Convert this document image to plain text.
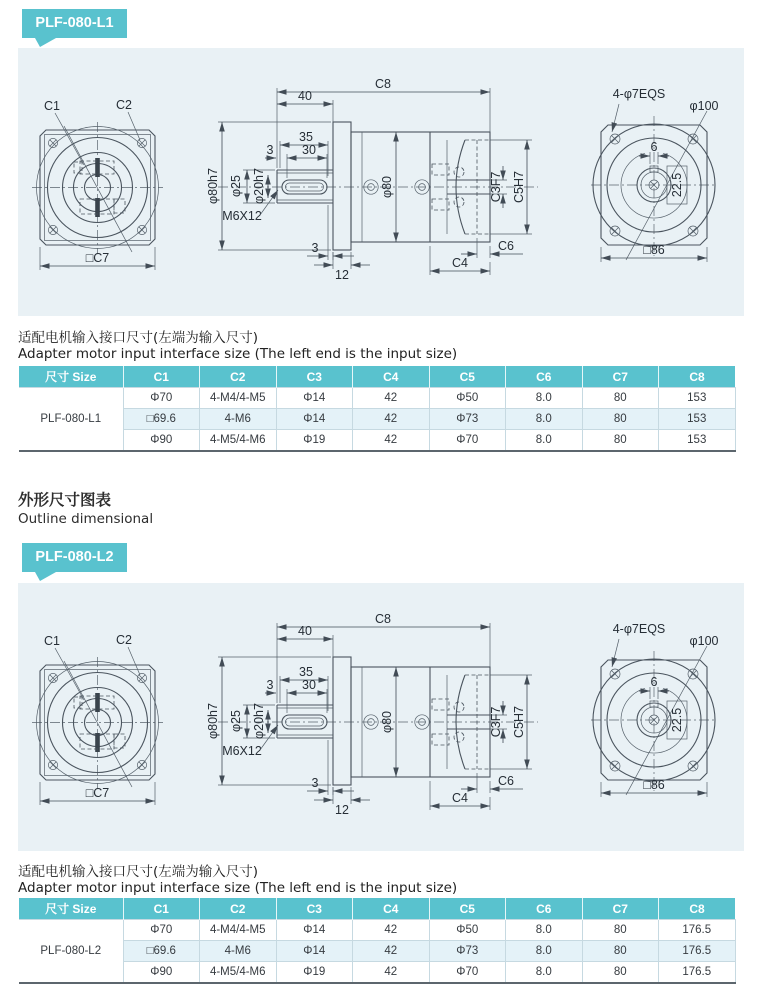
PLF-080-L1
C1	C2
□C7
C8
40
35
30
3
φ80h7 φ25 φ20h7
M6X12
φ80	C3F7 C5H7
C6
C4
3
12
6
22.5
φ100
4-φ7EQS
□86
适配电机输入接口尺寸(左端为输入尺寸)
Adapter motor input interface size (The left end is the input size)
尺寸 Size	C1	C2	C3	C4	C5	C6	C7	C8
PLF-080-L1	Φ70	4-M4/4-M5	Φ14	42	Φ50	8.0	80	153
	□69.6	4-M6	Φ14	42	Φ73	8.0	80	153
	Φ90	4-M5/4-M6	Φ19	42	Φ70	8.0	80	153
外形尺寸图表
Outline dimensional
PLF-080-L2
C1	C2
□C7
C8
40
35
30
3
φ80h7 φ25 φ20h7
M6X12
φ80	C3F7 C5H7
C6
C4
3
12
6
22.5
φ100
4-φ7EQS
□86
适配电机输入接口尺寸(左端为输入尺寸)
Adapter motor input interface size (The left end is the input size)
尺寸 Size	C1	C2	C3	C4	C5	C6	C7	C8
PLF-080-L2	Φ70	4-M4/4-M5	Φ14	42	Φ50	8.0	80	176.5
	□69.6	4-M6	Φ14	42	Φ73	8.0	80	176.5
	Φ90	4-M5/4-M6	Φ19	42	Φ70	8.0	80	176.5
